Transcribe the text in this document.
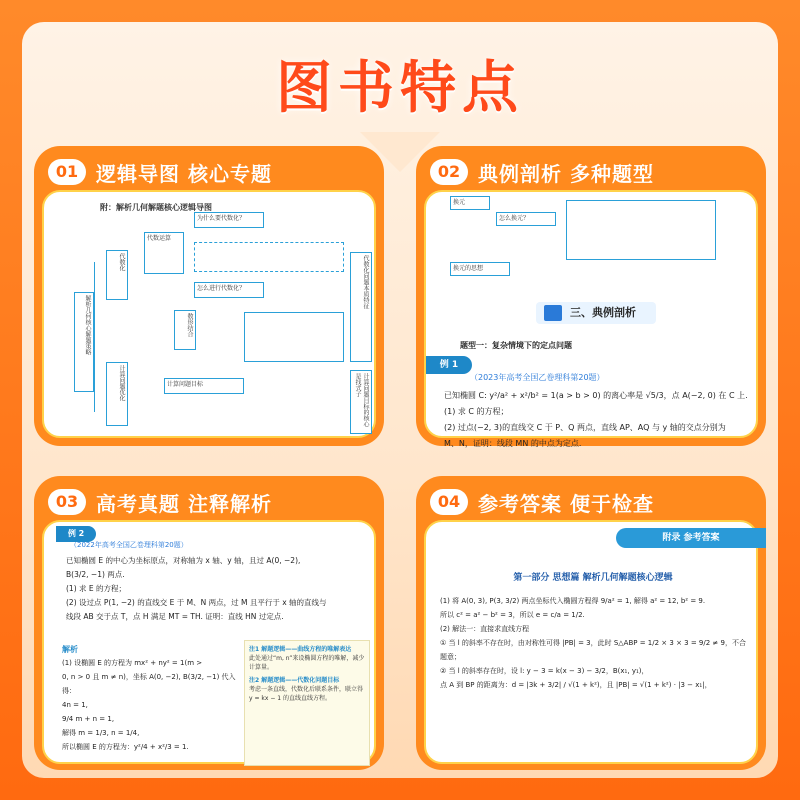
图书特点
01 逻辑导图 核心专题
附：解析几何解题核心逻辑导图
解析几何核心解题策略
代数化
计算问题优化
代数运算
为什么要代数化？
怎么进行代数化？
数形结合
计算问题目标
代数化问题本质特征
计算问题目标的核心是找式子
02 典例剖析 多种题型
换元
怎么换元？
换元的思想
三、典例剖析
题型一：复杂情境下的定点问题
例 1
（2023年高考全国乙卷理科第20题）
已知椭圆 C: y²/a² + x²/b² = 1(a > b > 0) 的离心率是 √5/3，点 A(−2, 0) 在 C 上.
(1) 求 C 的方程；
(2) 过点(−2, 3)的直线交 C 于 P、Q 两点，直线 AP、AQ 与 y 轴的交点分别为
M、N，证明：线段 MN 的中点为定点.
03 高考真题 注释解析
例 2
（2022年高考全国乙卷理科第20题）
已知椭圆 E 的中心为坐标原点，对称轴为 x 轴、y 轴，且过 A(0, −2),
B(3/2, −1) 两点.
(1) 求 E 的方程；
(2) 设过点 P(1, −2) 的直线交 E 于 M、N 两点，过 M 且平行于 x 轴的直线与
线段 AB 交于点 T，点 H 满足 MT = TH. 证明：直线 HN 过定点.
解析
(1) 设椭圆 E 的方程为 mx² + ny² = 1(m >
0, n > 0 且 m ≠ n)，坐标 A(0, −2), B(3/2, −1) 代入得：
4n = 1,
9/4 m + n = 1,
解得 m = 1/3, n = 1/4,
所以椭圆 E 的方程为：y²/4 + x²/3 = 1.
注1 解题逻辑——曲线方程的唯解表达
此处通过“m, n”来设椭圆方程的唯解，减少计算量。
注2 解题逻辑——代数化问题目标
考虑一条直线，代数化后联系条件，联立得 y = kx − 1 的直线直线方程。
04 参考答案 便于检查
附录 参考答案
第一部分 思想篇 解析几何解题核心逻辑
(1) 将 A(0, 3), P(3, 3/2) 两点坐标代入椭圆方程得 9/a² = 1, 解得 a² = 12, b² = 9.
所以 c² = a² − b² = 3，所以 e = c/a = 1/2.
(2) 解法一：直接求直线方程
① 当 l 的斜率不存在时，由对称性可得 |PB| = 3，此时 S△ABP = 1/2 × 3 × 3 = 9/2 ≠ 9，不合题意；
② 当 l 的斜率存在时，设 l: y − 3 = k(x − 3) − 3/2，B(x₁, y₁)，
点 A 到 BP 的距离为：d = |3k + 3/2| / √(1 + k²)，且 |PB| = √(1 + k²) · |3 − x₁|，
